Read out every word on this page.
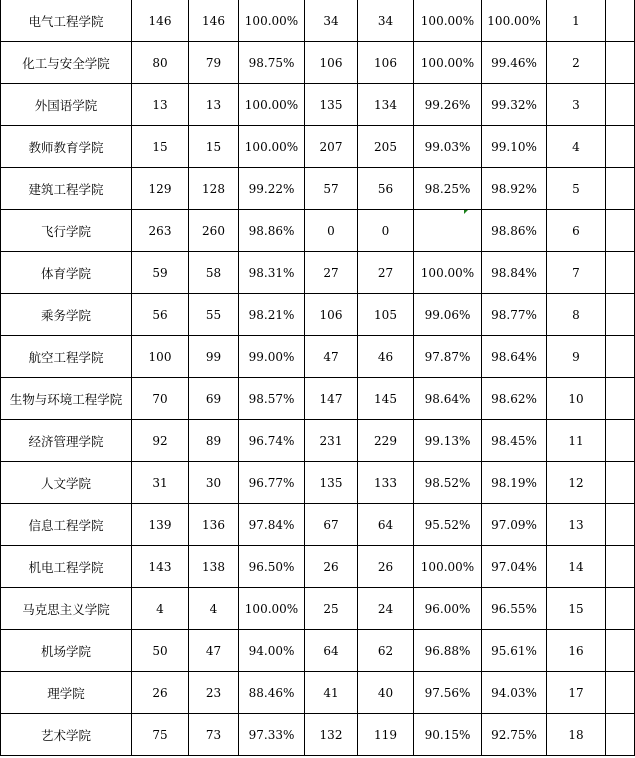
电气工程学院	146	146	100.00%	34	34	100.00%	100.00%	1	
化工与安全学院	80	79	98.75%	106	106	100.00%	99.46%	2	
外国语学院	13	13	100.00%	135	134	99.26%	99.32%	3	
教师教育学院	15	15	100.00%	207	205	99.03%	99.10%	4	
建筑工程学院	129	128	99.22%	57	56	98.25%	98.92%	5	
飞行学院	263	260	98.86%	0	0		98.86%	6	
体育学院	59	58	98.31%	27	27	100.00%	98.84%	7	
乘务学院	56	55	98.21%	106	105	99.06%	98.77%	8	
航空工程学院	100	99	99.00%	47	46	97.87%	98.64%	9	
生物与环境工程学院	70	69	98.57%	147	145	98.64%	98.62%	10	
经济管理学院	92	89	96.74%	231	229	99.13%	98.45%	11	
人文学院	31	30	96.77%	135	133	98.52%	98.19%	12	
信息工程学院	139	136	97.84%	67	64	95.52%	97.09%	13	
机电工程学院	143	138	96.50%	26	26	100.00%	97.04%	14	
马克思主义学院	4	4	100.00%	25	24	96.00%	96.55%	15	
机场学院	50	47	94.00%	64	62	96.88%	95.61%	16	
理学院	26	23	88.46%	41	40	97.56%	94.03%	17	
艺术学院	75	73	97.33%	132	119	90.15%	92.75%	18	
